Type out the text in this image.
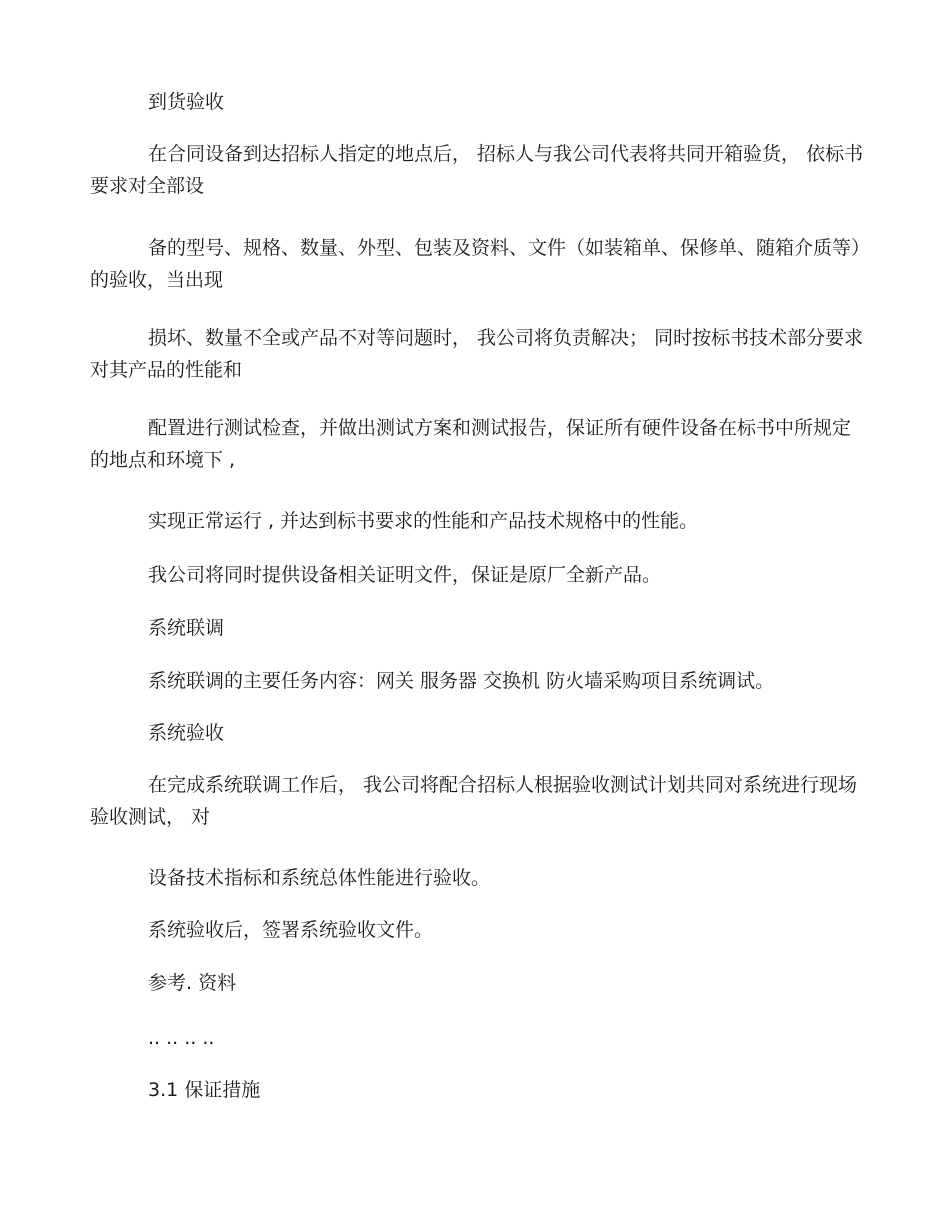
到货验收

在合同设备到达招标人指定的地点后， 招标人与我公司代表将共同开箱验货， 依标书要求对全部设

备的型号、规格、数量、外型、包装及资料、文件（如装箱单、保修单、随箱介质等）的验收，当出现

损坏、数量不全或产品不对等问题时， 我公司将负责解决； 同时按标书技术部分要求对其产品的性能和

配置进行测试检查，并做出测试方案和测试报告，保证所有硬件设备在标书中所规定的地点和环境下 ,

实现正常运行 , 并达到标书要求的性能和产品技术规格中的性能。

我公司将同时提供设备相关证明文件，保证是原厂全新产品。

系统联调

系统联调的主要任务内容：网关 服务器 交换机 防火墙采购项目系统调试。

系统验收

在完成系统联调工作后， 我公司将配合招标人根据验收测试计划共同对系统进行现场验收测试， 对

设备技术指标和系统总体性能进行验收。

系统验收后，签署系统验收文件。

参考. 资料

.. .. .. ..

3.1 保证措施
